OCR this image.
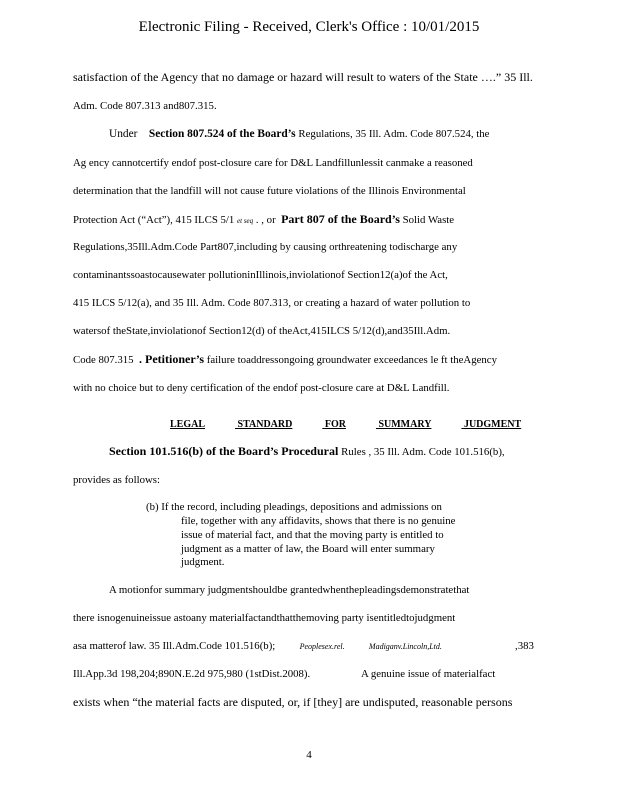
Electronic Filing - Received, Clerk's Office : 10/01/2015
satisfaction of the Agency that no damage or hazard will result to waters of the State ….” 35 Ill.
Adm. Code 807.313 and807.315.
Under Section 807.524 of the Board’s Regulations, 35 Ill. Adm. Code 807.524, the
Ag ency cannotcertify endof post-closure care for D&L Landfillunlessit canmake a reasoned
determination that the landfill will not cause future violations of the Illinois Environmental
Protection Act (“Act”), 415 ILCS 5/1 et seq . , or Part 807 of the Board’s Solid Waste
Regulations,35Ill.Adm.Code Part807,including by causing orthreatening todischarge any
contaminantssoastocausewater pollutioninIllinois,inviolationof Section12(a)of the Act,
415 ILCS 5/12(a), and 35 Ill. Adm. Code 807.313, or creating a hazard of water pollution to
watersof theState,inviolationof Section12(d) of theAct,415ILCS 5/12(d),and35Ill.Adm.
Code 807.315 . Petitioner’s failure toaddressongoing groundwater exceedances le ft theAgency
with no choice but to deny certification of the endof post-closure care at D&L Landfill.
LEGAL	STANDARD	FOR	SUMMARY	JUDGMENT
Section 101.516(b) of the Board’s Procedural Rules , 35 Ill. Adm. Code 101.516(b),
provides as follows:
(b) If the record, including pleadings, depositions and admissions on
file, together with any affidavits, shows that there is no genuine
issue of material fact, and that the moving party is entitled to
judgment as a matter of law, the Board will enter summary
judgment.
A motionfor summary judgmentshouldbe grantedwhenthepleadingsdemonstratethat
there isnogenuineissue astoany materialfactandthatthemoving party isentitledtojudgment
asa matterof law. 35 Ill.Adm.Code 101.516(b);	Peoplesex.rel.	Madiganv.Lincoln,Ltd.	,383
Ill.App.3d 198,204;890N.E.2d 975,980 (1stDist.2008).	A genuine issue of materialfact
exists when “the material facts are disputed, or, if [they] are undisputed, reasonable persons
4
